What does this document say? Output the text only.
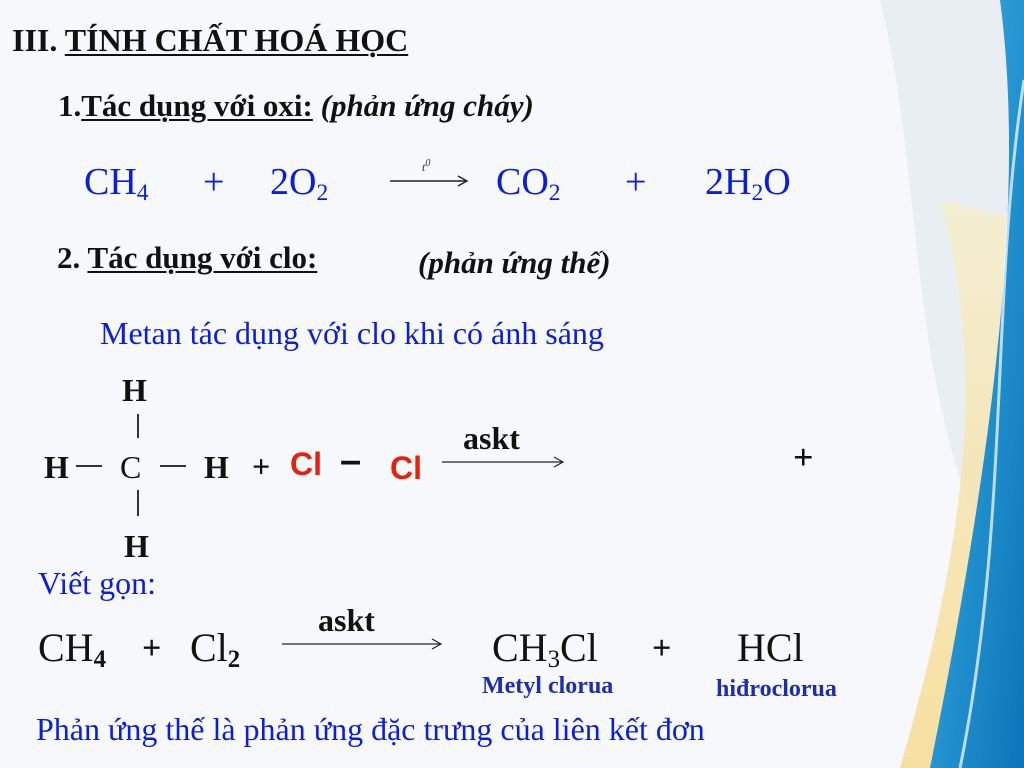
III. TÍNH CHẤT HOÁ HỌC
1.Tác dụng với oxi: (phản ứng cháy)
$CH_4 + 2O_2$
$t^0$ $CO_2 + 2H_2O$
2. Tác dụng với clo:	(phản ứng thế)
Metan tác dụng với clo khi có ánh sáng
H
H C H
H
+ Cl – Cl
askt	+
Viết gọn:
$CH_4 + Cl_2$
askt
$CH_3Cl$ + HCl
Metyl clorua	hiđroclorua
Phản ứng thế là phản ứng đặc trưng của liên kết đơn
